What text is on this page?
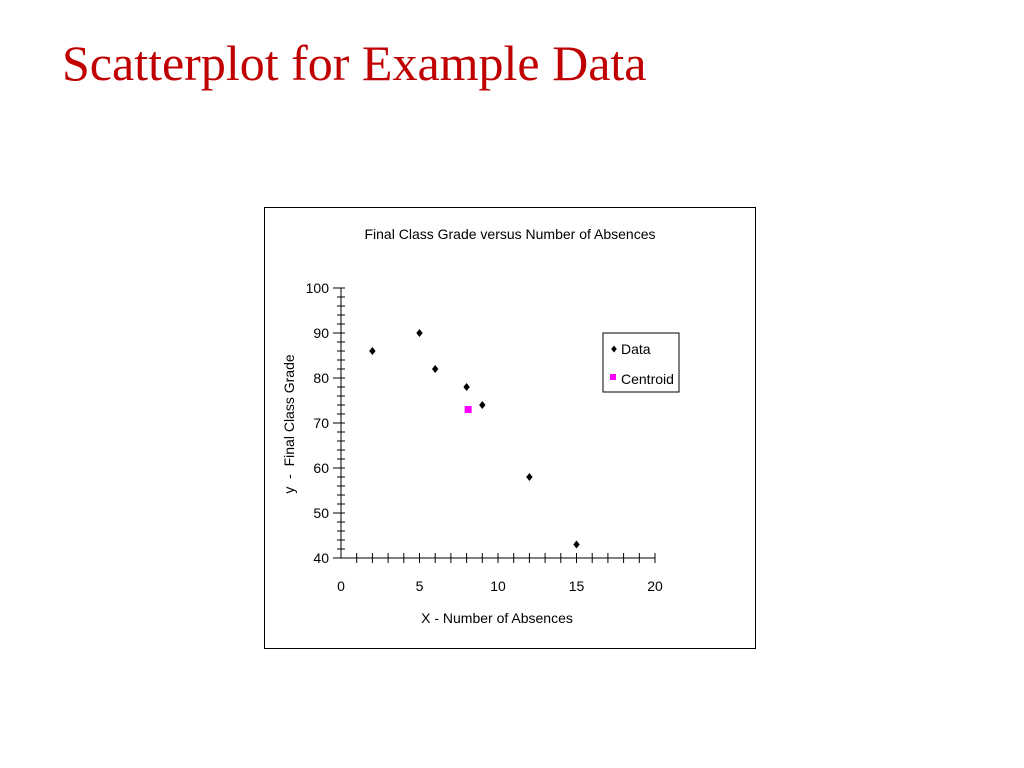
Scatterplot for Example Data
Final Class Grade versus Number of Absences
40
50
60
70
80
90
100
0	5	10	15	20
X - Number of Absences
y  -  Final Class Grade
Data
Centroid
